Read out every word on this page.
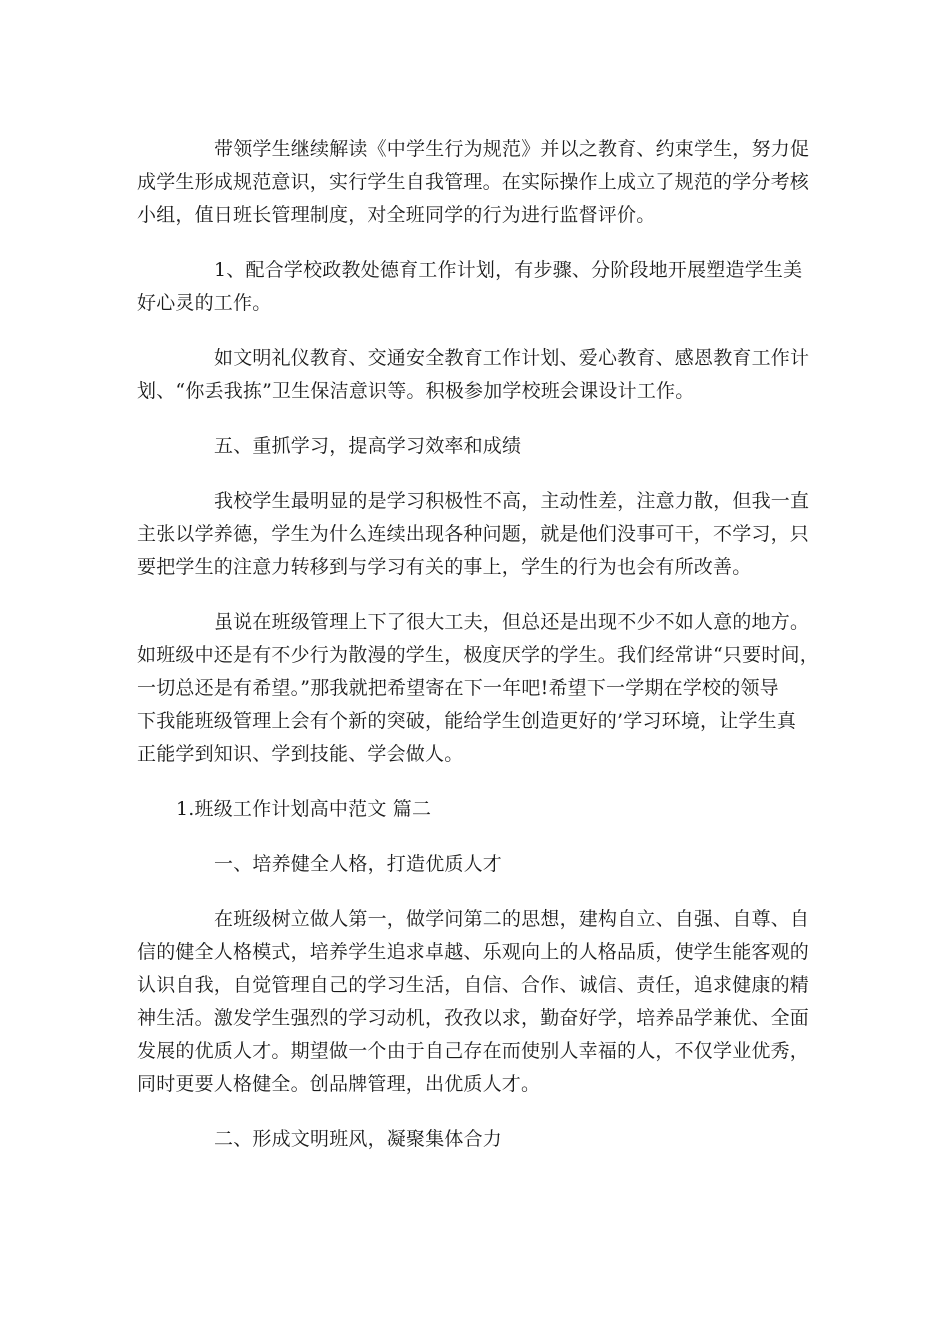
带领学生继续解读《中学生行为规范》并以之教育、约束学生，努力促
成学生形成规范意识，实行学生自我管理。在实际操作上成立了规范的学分考核
小组，值日班长管理制度，对全班同学的行为进行监督评价。
1、配合学校政教处德育工作计划，有步骤、分阶段地开展塑造学生美
好心灵的工作。
如文明礼仪教育、交通安全教育工作计划、爱心教育、感恩教育工作计
划、“你丢我拣”卫生保洁意识等。积极参加学校班会课设计工作。
五、重抓学习，提高学习效率和成绩
我校学生最明显的是学习积极性不高，主动性差，注意力散，但我一直
主张以学养德，学生为什么连续出现各种问题，就是他们没事可干，不学习，只
要把学生的注意力转移到与学习有关的事上，学生的行为也会有所改善。
虽说在班级管理上下了很大工夫，但总还是出现不少不如人意的地方。
如班级中还是有不少行为散漫的学生，极度厌学的学生。我们经常讲“只要时间，
一切总还是有希望。”那我就把希望寄在下一年吧!希望下一学期在学校的领导
下我能班级管理上会有个新的突破，能给学生创造更好的’学习环境，让学生真
正能学到知识、学到技能、学会做人。
1.班级工作计划高中范文 篇二
一、培养健全人格，打造优质人才
在班级树立做人第一，做学问第二的思想，建构自立、自强、自尊、自
信的健全人格模式，培养学生追求卓越、乐观向上的人格品质，使学生能客观的
认识自我，自觉管理自己的学习生活，自信、合作、诚信、责任，追求健康的精
神生活。激发学生强烈的学习动机，孜孜以求，勤奋好学，培养品学兼优、全面
发展的优质人才。期望做一个由于自己存在而使别人幸福的人，不仅学业优秀，
同时更要人格健全。创品牌管理，出优质人才。
二、形成文明班风，凝聚集体合力
